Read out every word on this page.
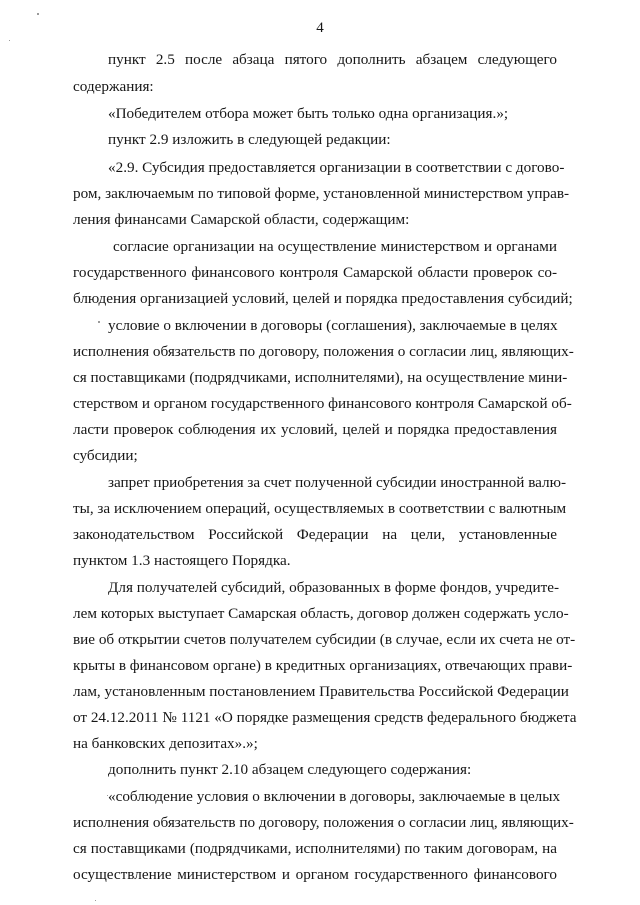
4
пункт 2.5 после абзаца пятого дополнить абзацем следующего
содержания:
«Победителем отбора может быть только одна организация.»;
пункт 2.9 изложить в следующей редакции:
«2.9. Субсидия предоставляется организации в соответствии с догово-
ром, заключаемым по типовой форме, установленной министерством управ-
ления финансами Самарской области, содержащим:
согласие организации на осуществление министерством и органами
государственного финансового контроля Самарской области проверок со-
блюдения организацией условий, целей и порядка предоставления субсидий;
условие о включении в договоры (соглашения), заключаемые в целях
исполнения обязательств по договору, положения о согласии лиц, являющих-
ся поставщиками (подрядчиками, исполнителями), на осуществление мини-
стерством и органом государственного финансового контроля Самарской об-
ласти проверок соблюдения их условий, целей и порядка предоставления
субсидии;
запрет приобретения за счет полученной субсидии иностранной валю-
ты, за исключением операций, осуществляемых в соответствии с валютным
законодательством Российской Федерации на цели, установленные
пунктом 1.3 настоящего Порядка.
Для получателей субсидий, образованных в форме фондов, учредите-
лем которых выступает Самарская область, договор должен содержать усло-
вие об открытии счетов получателем субсидии (в случае, если их счета не от-
крыты в финансовом органе) в кредитных организациях, отвечающих прави-
лам, установленным постановлением Правительства Российской Федерации
от 24.12.2011 № 1121 «О порядке размещения средств федерального бюджета
на банковских депозитах».»;
дополнить пункт 2.10 абзацем следующего содержания:
«соблюдение условия о включении в договоры, заключаемые в целых
исполнения обязательств по договору, положения о согласии лиц, являющих-
ся поставщиками (подрядчиками, исполнителями) по таким договорам, на
осуществление министерством и органом государственного финансового
